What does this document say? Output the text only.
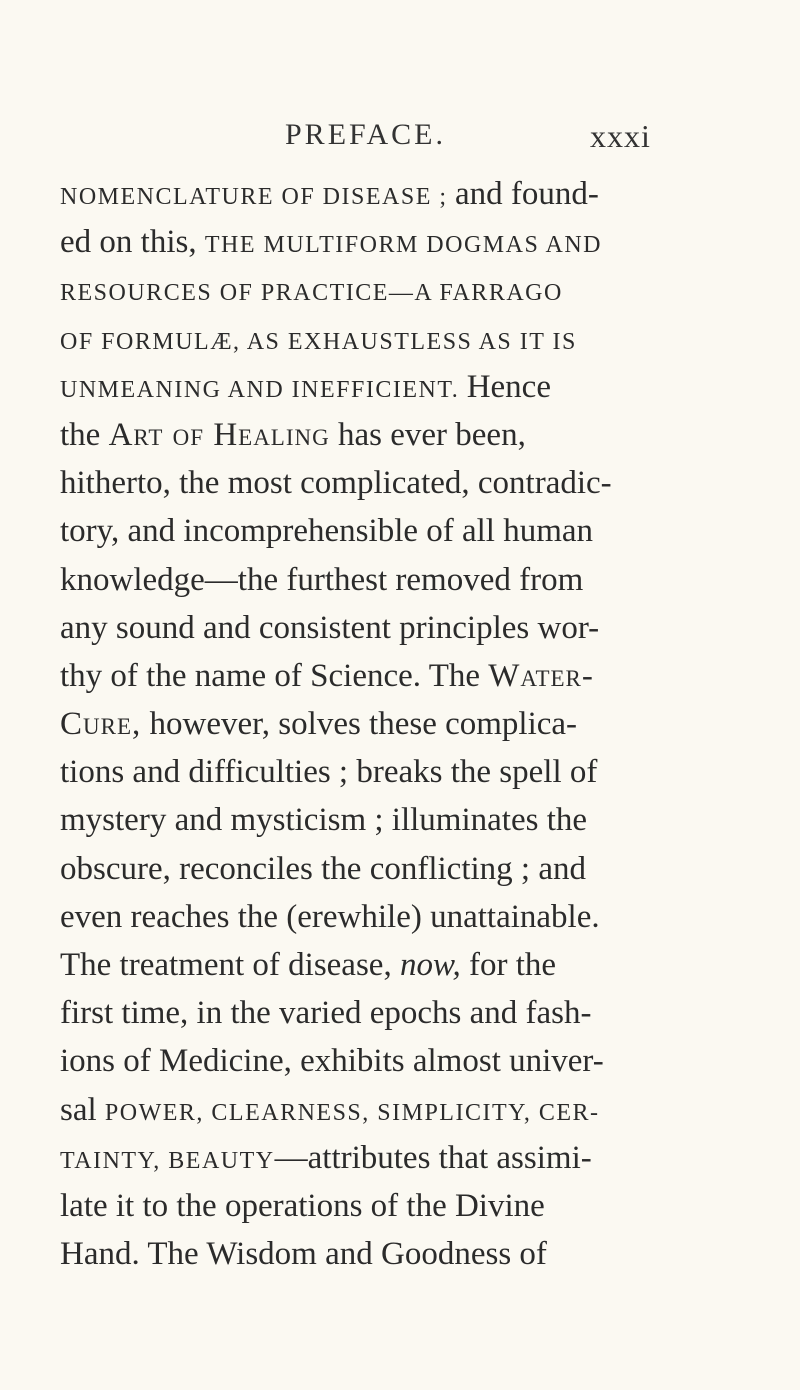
PREFACE.	xxxi
NOMENCLATURE OF DISEASE ; and found-
ed on this, THE MULTIFORM DOGMAS AND
RESOURCES OF PRACTICE—A FARRAGO
OF FORMULÆ, AS EXHAUSTLESS AS IT IS
UNMEANING AND INEFFICIENT. Hence
the Art of Healing has ever been,
hitherto, the most complicated, contradic-
tory, and incomprehensible of all human
knowledge—the furthest removed from
any sound and consistent principles wor-
thy of the name of Science. The Water-
Cure, however, solves these complica-
tions and difficulties ; breaks the spell of
mystery and mysticism ; illuminates the
obscure, reconciles the conflicting ; and
even reaches the (erewhile) unattainable.
The treatment of disease, now, for the
first time, in the varied epochs and fash-
ions of Medicine, exhibits almost univer-
sal POWER, CLEARNESS, SIMPLICITY, CER-
TAINTY, BEAUTY—attributes that assimi-
late it to the operations of the Divine
Hand. The Wisdom and Goodness of
